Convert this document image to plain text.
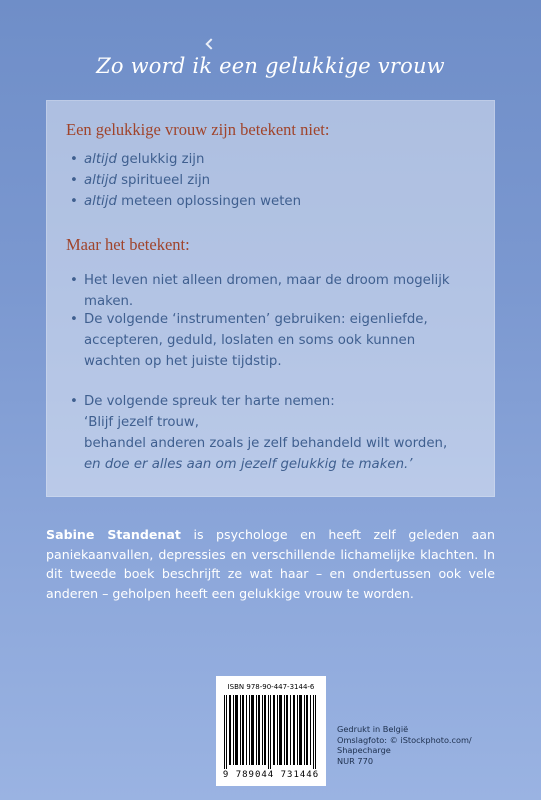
Zo word ik een gelukkige vrouw
Een gelukkige vrouw zijn betekent niet:
• altijd gelukkig zijn
• altijd spiritueel zijn
• altijd meteen oplossingen weten
Maar het betekent:
• Het leven niet alleen dromen, maar de droom mogelijk maken.
• De volgende ‘instrumenten’ gebruiken: eigenliefde, accepteren, geduld, loslaten en soms ook kunnen wachten op het juiste tijdstip.
• De volgende spreuk ter harte nemen:
‘Blijf jezelf trouw,
behandel anderen zoals je zelf behandeld wilt worden,
en doe er alles aan om jezelf gelukkig te maken.’
Sabine Standenat is psychologe en heeft zelf geleden aan paniekaanvallen, depressies en verschillende lichamelijke klachten. In dit tweede boek beschrijft ze wat haar – en ondertussen ook vele anderen – geholpen heeft een gelukkige vrouw te worden.
ISBN 978-90-447-3144-6
9 789044 731446
Gedrukt in België
Omslagfoto: © iStockphoto.com/
Shapecharge
NUR 770
